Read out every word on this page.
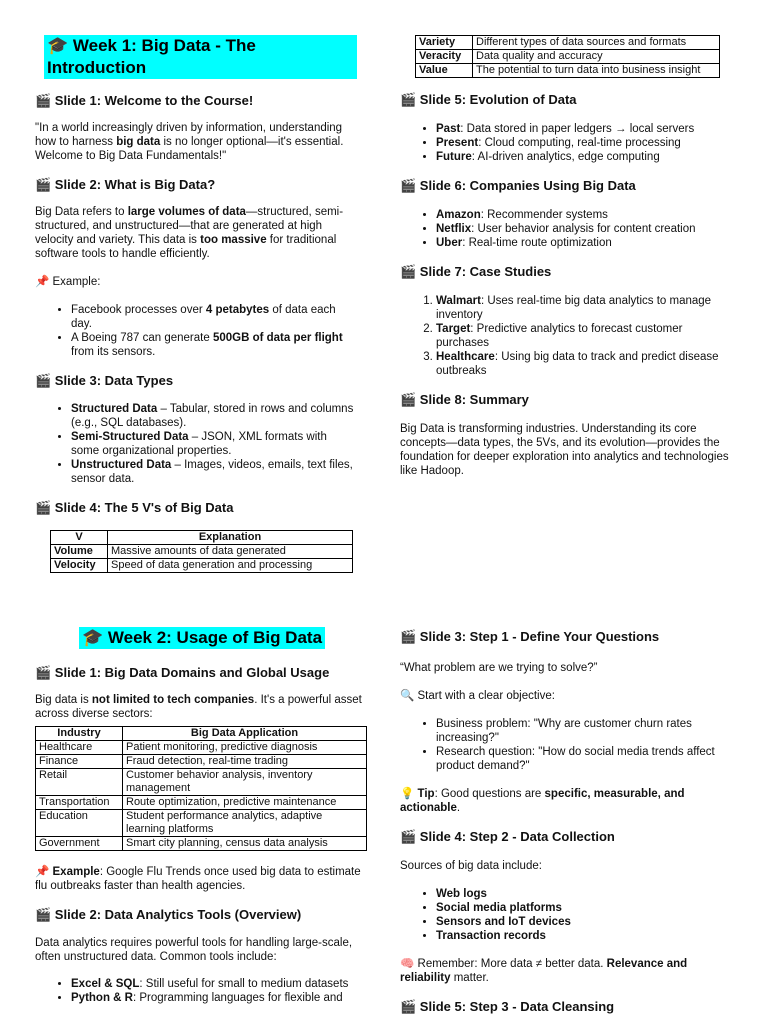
🎓 Week 1: Big Data - The Introduction

🎬 Slide 1: Welcome to the Course!

"In a world increasingly driven by information, understanding how to harness big data is no longer optional—it's essential. Welcome to Big Data Fundamentals!"

🎬 Slide 2: What is Big Data?

Big Data refers to large volumes of data—structured, semi-structured, and unstructured—that are generated at high velocity and variety. This data is too massive for traditional software tools to handle efficiently.

📌 Example:

• Facebook processes over 4 petabytes of data each day.
• A Boeing 787 can generate 500GB of data per flight from its sensors.

🎬 Slide 3: Data Types

• Structured Data – Tabular, stored in rows and columns (e.g., SQL databases).
• Semi-Structured Data – JSON, XML formats with some organizational properties.
• Unstructured Data – Images, videos, emails, text files, sensor data.

🎬 Slide 4: The 5 V's of Big Data

V	Explanation
Volume	Massive amounts of data generated
Velocity	Speed of data generation and processing
Variety	Different types of data sources and formats
Veracity	Data quality and accuracy
Value	The potential to turn data into business insight

🎬 Slide 5: Evolution of Data

• Past: Data stored in paper ledgers → local servers
• Present: Cloud computing, real-time processing
• Future: AI-driven analytics, edge computing

🎬 Slide 6: Companies Using Big Data

• Amazon: Recommender systems
• Netflix: User behavior analysis for content creation
• Uber: Real-time route optimization

🎬 Slide 7: Case Studies

1. Walmart: Uses real-time big data analytics to manage inventory
2. Target: Predictive analytics to forecast customer purchases
3. Healthcare: Using big data to track and predict disease outbreaks

🎬 Slide 8: Summary

Big Data is transforming industries. Understanding its core concepts—data types, the 5Vs, and its evolution—provides the foundation for deeper exploration into analytics and technologies like Hadoop.

🎓 Week 2: Usage of Big Data

🎬 Slide 1: Big Data Domains and Global Usage

Big data is not limited to tech companies. It's a powerful asset across diverse sectors:

Industry	Big Data Application
Healthcare	Patient monitoring, predictive diagnosis
Finance	Fraud detection, real-time trading
Retail	Customer behavior analysis, inventory management
Transportation	Route optimization, predictive maintenance
Education	Student performance analytics, adaptive learning platforms
Government	Smart city planning, census data analysis

📌 Example: Google Flu Trends once used big data to estimate flu outbreaks faster than health agencies.

🎬 Slide 2: Data Analytics Tools (Overview)

Data analytics requires powerful tools for handling large-scale, often unstructured data. Common tools include:

• Excel & SQL: Still useful for small to medium datasets
• Python & R: Programming languages for flexible and

🎬 Slide 3: Step 1 - Define Your Questions

“What problem are we trying to solve?”

🔍 Start with a clear objective:

• Business problem: "Why are customer churn rates increasing?"
• Research question: "How do social media trends affect product demand?"

💡 Tip: Good questions are specific, measurable, and actionable.

🎬 Slide 4: Step 2 - Data Collection

Sources of big data include:

• Web logs
• Social media platforms
• Sensors and IoT devices
• Transaction records

🧠 Remember: More data ≠ better data. Relevance and reliability matter.

🎬 Slide 5: Step 3 - Data Cleansing
